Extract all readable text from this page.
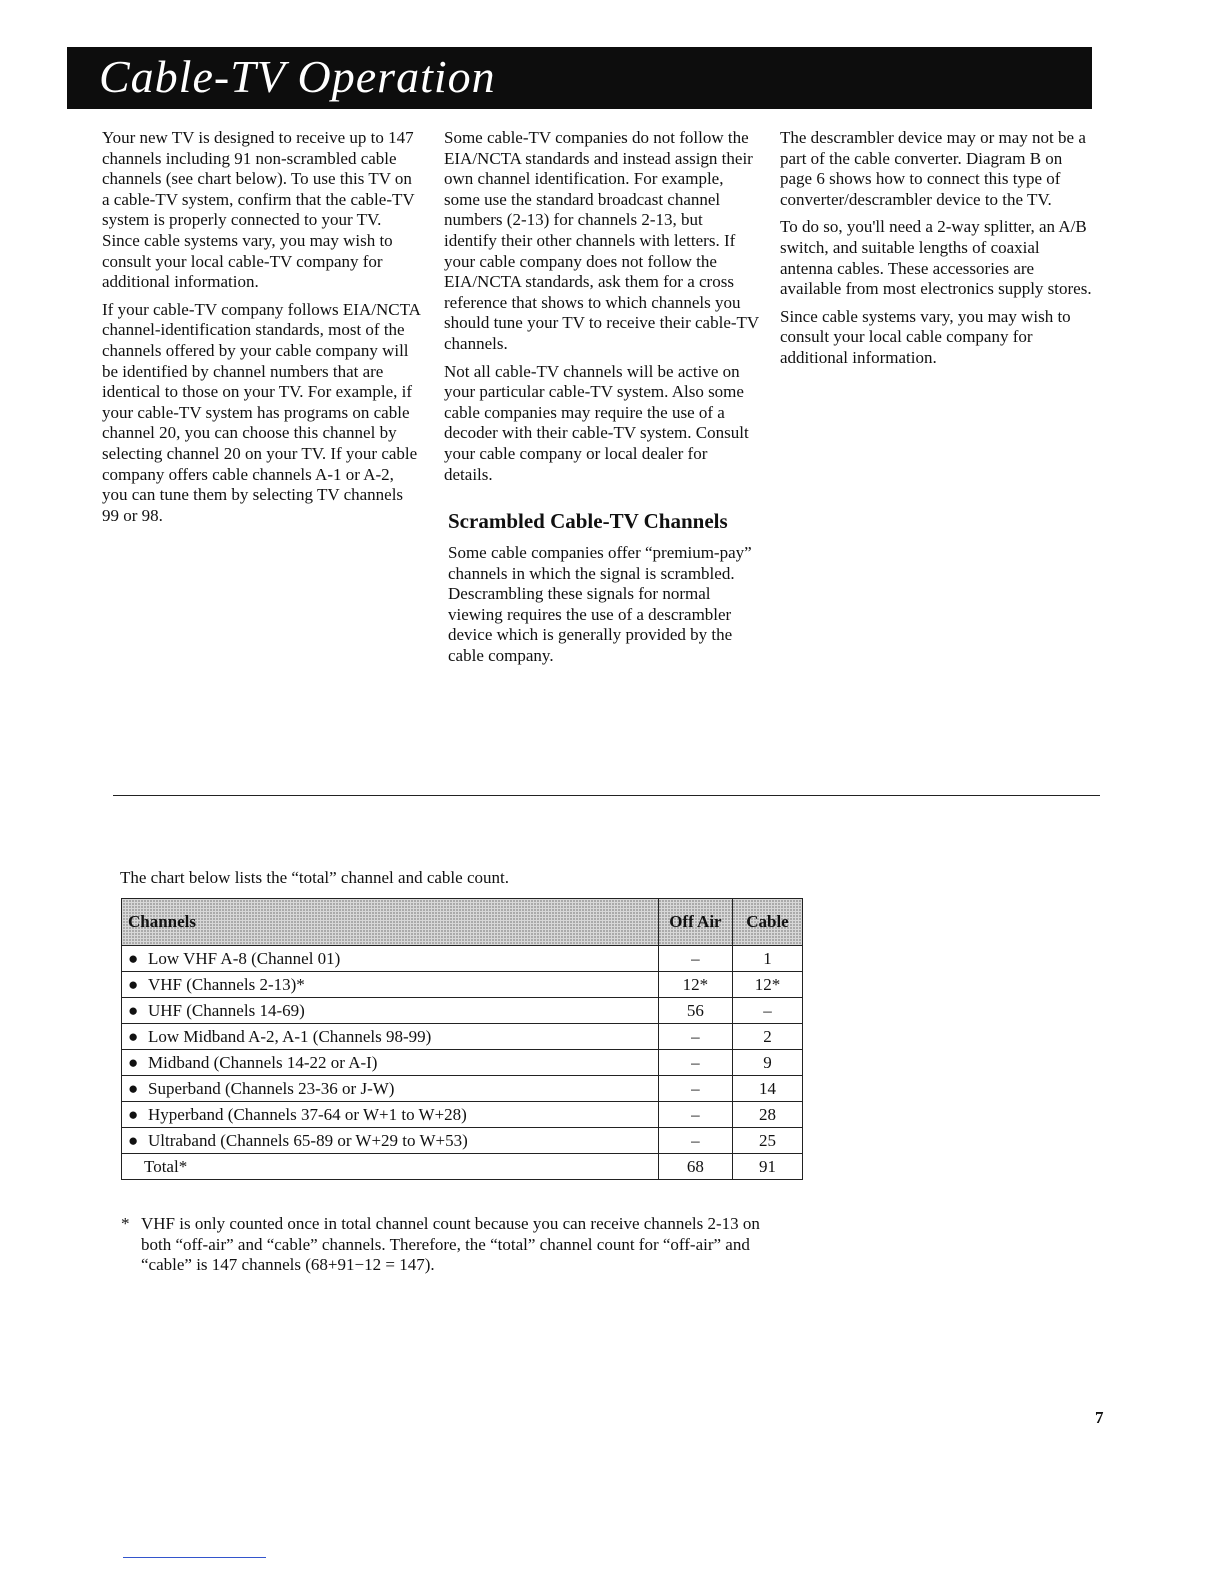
Cable-TV Operation

Your new TV is designed to receive up to 147 channels including 91 non-scrambled cable channels (see chart below). To use this TV on a cable-TV system, confirm that the cable-TV system is properly connected to your TV. Since cable systems vary, you may wish to consult your local cable-TV company for additional information.

If your cable-TV company follows EIA/NCTA channel-identification standards, most of the channels offered by your cable company will be identified by channel numbers that are identical to those on your TV. For example, if your cable-TV system has programs on cable channel 20, you can choose this channel by selecting channel 20 on your TV. If your cable company offers cable channels A-1 or A-2, you can tune them by selecting TV channels 99 or 98.

Some cable-TV companies do not follow the EIA/NCTA standards and instead assign their own channel identification. For example, some use the standard broadcast channel numbers (2-13) for channels 2-13, but identify their other channels with letters. If your cable company does not follow the EIA/NCTA standards, ask them for a cross reference that shows to which channels you should tune your TV to receive their cable-TV channels.

Not all cable-TV channels will be active on your particular cable-TV system. Also some cable companies may require the use of a decoder with their cable-TV system. Consult your cable company or local dealer for details.

Scrambled Cable-TV Channels

Some cable companies offer “premium-pay” channels in which the signal is scrambled. Descrambling these signals for normal viewing requires the use of a descrambler device which is generally provided by the cable company.

The descrambler device may or may not be a part of the cable converter. Diagram B on page 6 shows how to connect this type of converter/descrambler device to the TV.

To do so, you'll need a 2-way splitter, an A/B switch, and suitable lengths of coaxial antenna cables. These accessories are available from most electronics supply stores.

Since cable systems vary, you may wish to consult your local cable company for additional information.

The chart below lists the “total” channel and cable count.
Channels	Off Air	Cable
● Low VHF A-8 (Channel 01)	–	1
● VHF (Channels 2-13)*	12*	12*
● UHF (Channels 14-69)	56	–
● Low Midband A-2, A-1 (Channels 98-99)	–	2
● Midband (Channels 14-22 or A-I)	–	9
● Superband (Channels 23-36 or J-W)	–	14
● Hyperband (Channels 37-64 or W+1 to W+28)	–	28
● Ultraband (Channels 65-89 or W+29 to W+53)	–	25
Total*	68	91
* VHF is only counted once in total channel count because you can receive channels 2-13 on both “off-air” and “cable” channels. Therefore, the “total” channel count for “off-air” and “cable” is 147 channels (68+91−12 = 147).
7
